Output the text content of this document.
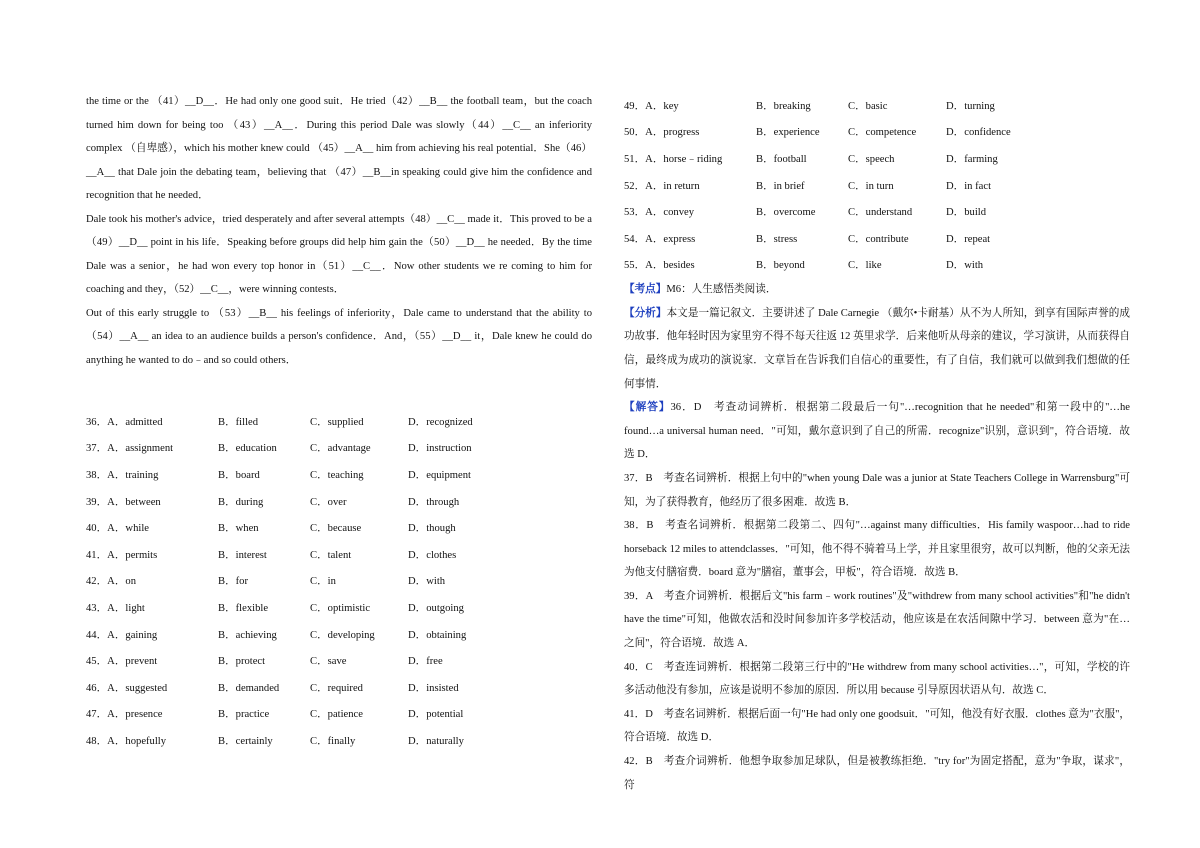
the time or the （41）__D__．He had only one good suit．He tried（42）__B__ the football team，but the coach turned him down for being too （43）__A__．During this period Dale was slowly（44）__C__ an inferiority complex （自卑感），which his mother knew could （45）__A__ him from achieving his real potential．She（46）__A__ that Dale join the debating team，believing that （47）__B__in speaking could give him the confidence and recognition that he needed．

Dale took his mother's advice，tried desperately and after several attempts（48）__C__ made it．This proved to be a （49）__D__ point in his life．Speaking before groups did help him gain the（50）__D__ he needed．By the time Dale was a senior，he had won every top honor in（51）__C__．Now other students we re coming to him for coaching and they，（52）__C__，were winning contests．

Out of this early struggle to （53）__B__ his feelings of inferiority，Dale came to understand that the ability to （54）__A__ an idea to an audience builds a person's confidence．And，（55）__D__ it，Dale knew he could do anything he wanted to do﹣and so could others．

36．A．admitted	B．filled	C．supplied	D．recognized
37．A．assignment	B．education	C．advantage	D．instruction
38．A．training	B．board	C．teaching	D．equipment
39．A．between	B．during	C．over	D．through
40．A．while	B．when	C．because	D．though
41．A．permits	B．interest	C．talent	D．clothes
42．A．on	B．for	C．in	D．with
43．A．light	B．flexible	C．optimistic	D．outgoing
44．A．gaining	B．achieving	C．developing	D．obtaining
45．A．prevent	B．protect	C．save	D．free
46．A．suggested	B．demanded	C．required	D．insisted
47．A．presence	B．practice	C．patience	D．potential
48．A．hopefully	B．certainly	C．finally	D．naturally
49．A．key	B．breaking	C．basic	D．turning
50．A．progress	B．experience	C．competence	D．confidence
51．A．horse﹣riding	B．football	C．speech	D．farming
52．A．in return	B．in brief	C．in turn	D．in fact
53．A．convey	B．overcome	C．understand	D．build
54．A．express	B．stress	C．contribute	D．repeat
55．A．besides	B．beyond	C．like	D．with

【考点】M6：人生感悟类阅读．

【分析】本文是一篇记叙文．主要讲述了 Dale Carnegie （戴尔•卡耐基）从不为人所知，到享有国际声誉的成功故事．他年轻时因为家里穷不得不每天往返 12 英里求学．后来他听从母亲的建议，学习演讲，从而获得自信，最终成为成功的演说家．文章旨在告诉我们自信心的重要性，有了自信，我们就可以做到我们想做的任何事情．

【解答】36．D　考查动词辨析．根据第二段最后一句"…recognition that he needed"和第一段中的"…he found…a universal human need．"可知，戴尔意识到了自己的所需．recognize"识别，意识到"，符合语境．故选 D．

37．B　考查名词辨析．根据上句中的"when young Dale was a junior at State Teachers College in Warrensburg"可知，为了获得教育，他经历了很多困难．故选 B．

38．B　考查名词辨析．根据第二段第二、四句"…against many difficulties．His family waspoor…had to ride horseback 12 miles to attendclasses．"可知，他不得不骑着马上学，并且家里很穷，故可以判断，他的父亲无法为他支付膳宿费．board 意为"膳宿，董事会，甲板"，符合语境．故选 B．

39．A　考查介词辨析．根据后文"his farm﹣work routines"及"withdrew from many school activities"和"he didn't have the time"可知，他做农活和没时间参加许多学校活动，他应该是在农活间隙中学习．between 意为"在…之间"，符合语境．故选 A．

40．C　考查连词辨析．根据第二段第三行中的"He withdrew from many school activities…"，可知，学校的许多活动他没有参加，应该是说明不参加的原因．所以用 because 引导原因状语从句．故选 C．

41．D　考查名词辨析．根据后面一句"He had only one goodsuit．"可知，他没有好衣服．clothes 意为"衣服"，符合语境．故选 D．

42．B　考查介词辨析．他想争取参加足球队，但是被教练拒绝．"try for"为固定搭配，意为"争取，谋求"，符
